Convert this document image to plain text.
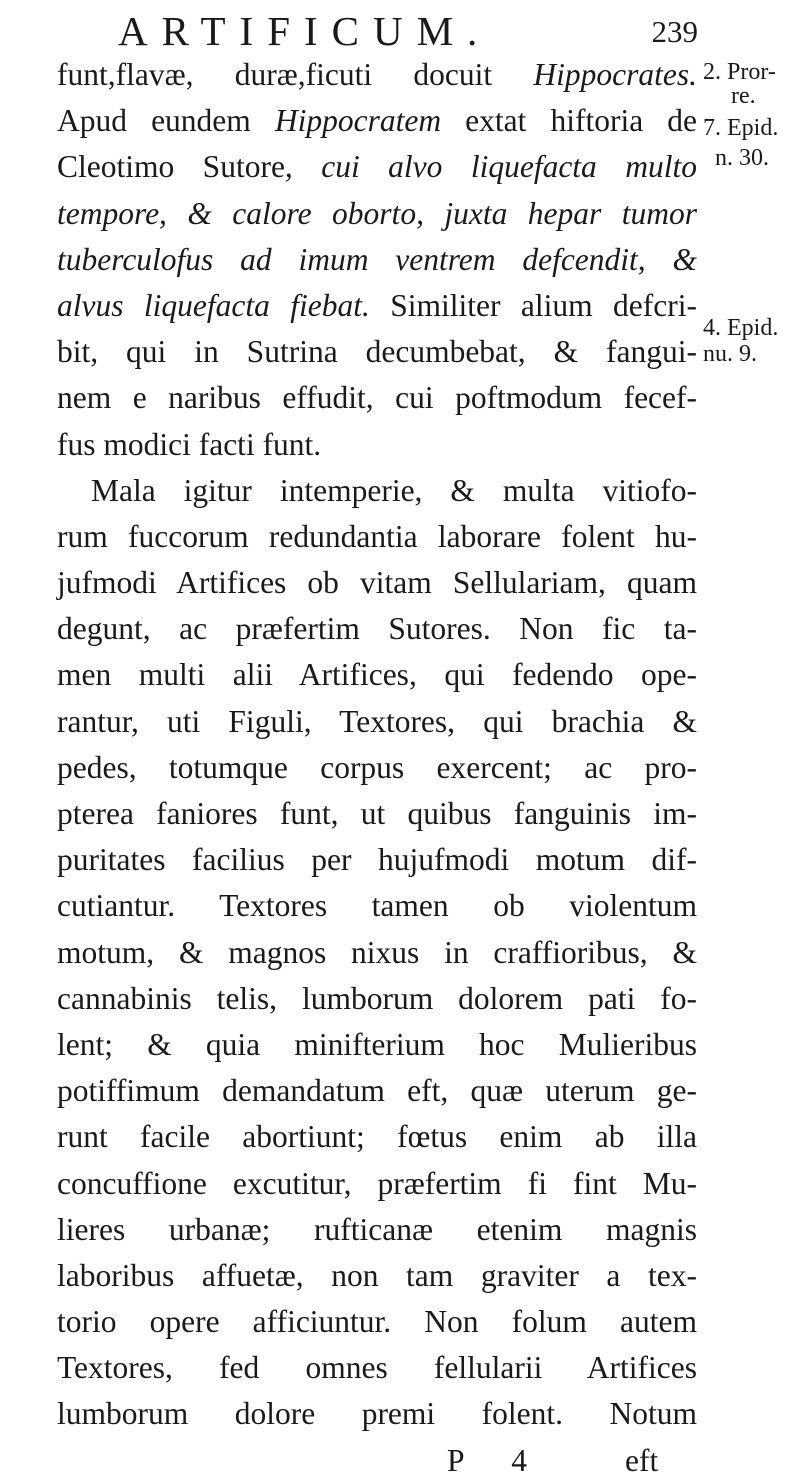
ARTIFICUM.	239
2. Pror-
re.
7. Epid.
n. 30.
4. Epid.
nu. 9.
funt,flavæ, duræ,ficuti docuit Hippocrates.
Apud eundem Hippocratem extat hiftoria de
Cleotimo Sutore, cui alvo liquefacta multo
tempore, & calore oborto, juxta hepar tumor
tuberculofus ad imum ventrem defcendit, &
alvus liquefacta fiebat. Similiter alium defcri-
bit, qui in Sutrina decumbebat, & fangui-
nem e naribus effudit, cui poftmodum fecef-
fus modici facti funt.
Mala igitur intemperie, & multa vitiofo-
rum fuccorum redundantia laborare folent hu-
jufmodi Artifices ob vitam Sellulariam, quam
degunt, ac præfertim Sutores. Non fic ta-
men multi alii Artifices, qui fedendo ope-
rantur, uti Figuli, Textores, qui brachia &
pedes, totumque corpus exercent; ac pro-
pterea faniores funt, ut quibus fanguinis im-
puritates facilius per hujufmodi motum dif-
cutiantur. Textores tamen ob violentum
motum, & magnos nixus in craffioribus, &
cannabinis telis, lumborum dolorem pati fo-
lent; & quia minifterium hoc Mulieribus
potiffimum demandatum eft, quæ uterum ge-
runt facile abortiunt; fœtus enim ab illa
concuffione excutitur, præfertim fi fint Mu-
lieres urbanæ; rufticanæ etenim magnis
laboribus affuetæ, non tam graviter a tex-
torio opere afficiuntur. Non folum autem
Textores, fed omnes fellularii Artifices
lumborum dolore premi folent. Notum
P 4 eft
